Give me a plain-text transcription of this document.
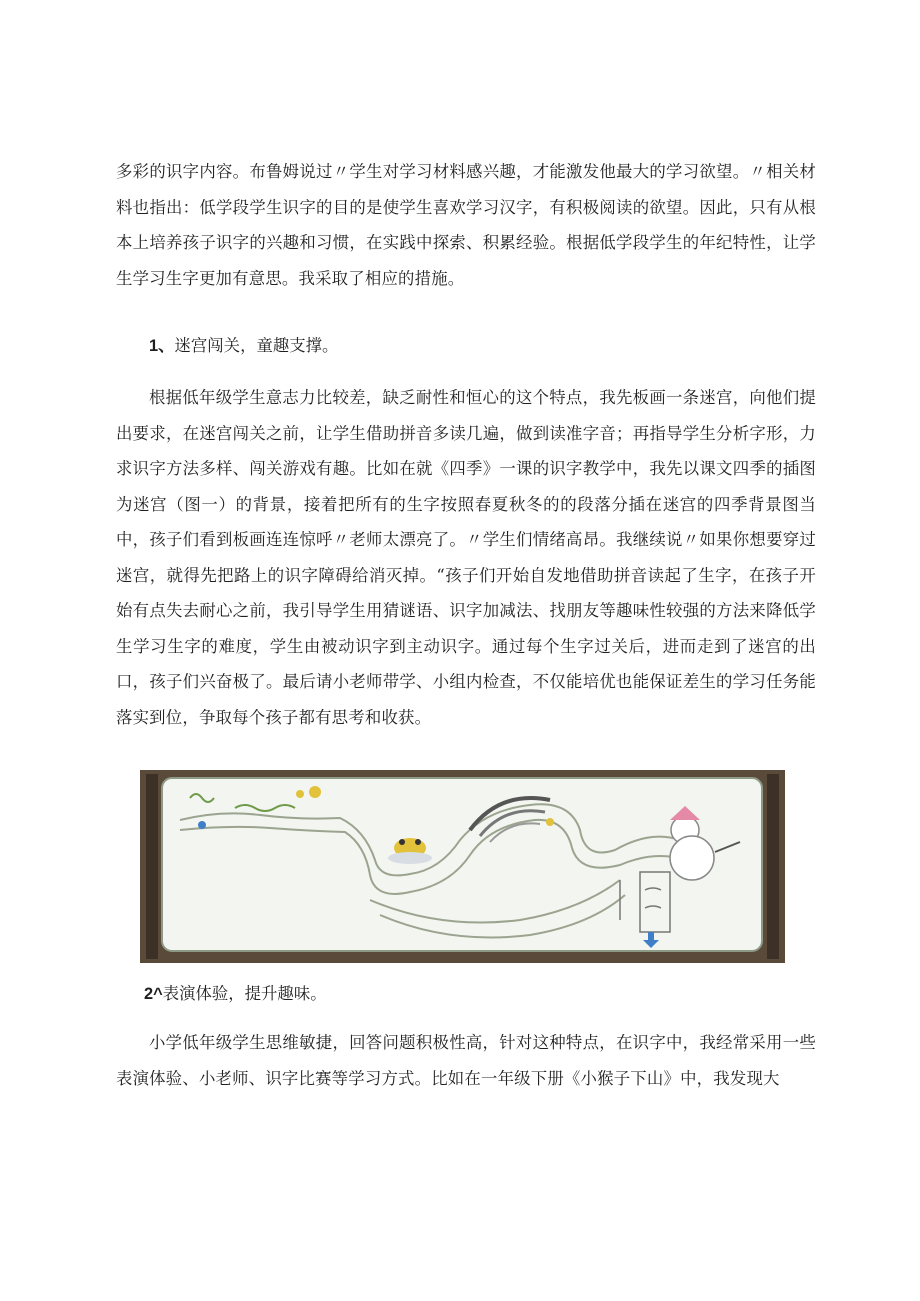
多彩的识字内容。布鲁姆说过〃学生对学习材料感兴趣，才能激发他最大的学习欲望。〃相关材料也指出：低学段学生识字的目的是使学生喜欢学习汉字，有积极阅读的欲望。因此，只有从根本上培养孩子识字的兴趣和习惯，在实践中探索、积累经验。根据低学段学生的年纪特性，让学生学习生字更加有意思。我采取了相应的措施。

1、迷宫闯关，童趣支撑。

根据低年级学生意志力比较差，缺乏耐性和恒心的这个特点，我先板画一条迷宫，向他们提出要求，在迷宫闯关之前，让学生借助拼音多读几遍，做到读准字音；再指导学生分析字形，力求识字方法多样、闯关游戏有趣。比如在就《四季》一课的识字教学中，我先以课文四季的插图为迷宫（图一）的背景，接着把所有的生字按照春夏秋冬的的段落分插在迷宫的四季背景图当中，孩子们看到板画连连惊呼〃老师太漂亮了。〃学生们情绪高昂。我继续说〃如果你想要穿过迷宫，就得先把路上的识字障碍给消灭掉。“孩子们开始自发地借助拼音读起了生字，在孩子开始有点失去耐心之前，我引导学生用猜谜语、识字加减法、找朋友等趣味性较强的方法来降低学生学习生字的难度，学生由被动识字到主动识字。通过每个生字过关后，进而走到了迷宫的出口，孩子们兴奋极了。最后请小老师带学、小组内检查，不仅能培优也能保证差生的学习任务能落实到位，争取每个孩子都有思考和收获。

2^表演体验，提升趣味。

小学低年级学生思维敏捷，回答问题积极性高，针对这种特点，在识字中，我经常采用一些表演体验、小老师、识字比赛等学习方式。比如在一年级下册《小猴子下山》中，我发现大
